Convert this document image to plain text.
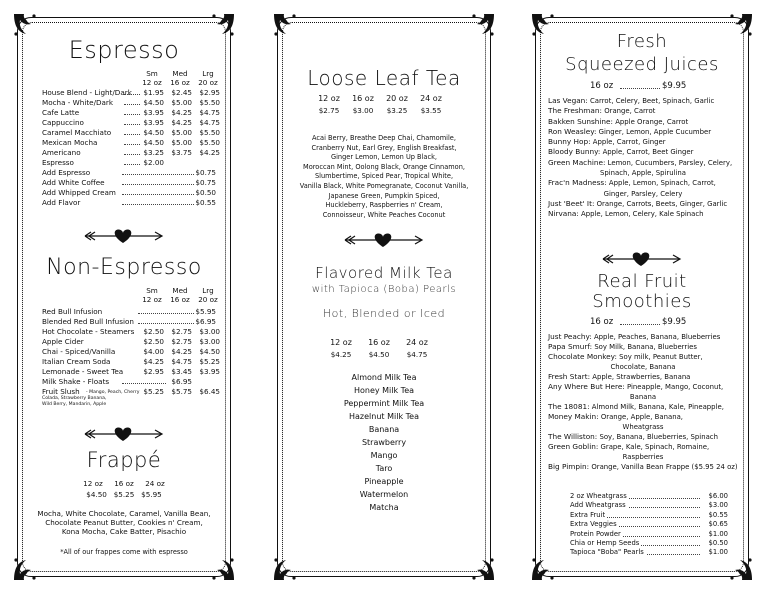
Espresso
Sm	Med	Lrg
12 oz	16 oz	20 oz
Non-Espresso
Sm	Med	Lrg
12 oz	16 oz	20 oz
- Mango, Peach, Cherry
Colada, Strawberry Banana,
Wild Berry, Mandarin, Apple
Frappé
12 oz 16 oz 24 oz
$4.50 $5.25 $5.95
Mocha, White Chocolate, Caramel, Vanilla Bean,
Chocolate Peanut Butter, Cookies n' Cream,
Kona Mocha, Cake Batter, Pisachio
*All of our frappes come with espresso
House Blend - Light/Dark	$1.95	$2.45	$2.95
Mocha - White/Dark	$4.50	$5.00	$5.50
Cafe Latte	$3.95	$4.25	$4.75
Cappuccino	$3.95	$4.25	$4.75
Caramel Macchiato	$4.50	$5.00	$5.50
Mexican Mocha	$4.50	$5.00	$5.50
Americano	$3.25	$3.75	$4.25
Espresso	$2.00
Add Espresso	$0.75
Add White Coffee	$0.75
Add Whipped Cream	$0.50
Add Flavor	$0.55
Red Bull Infusion	$5.95
Blended Red Bull Infusion	$6.95
Hot Chocolate - Steamers	$2.50	$2.75	$3.00
Apple Cider	$2.50	$2.75	$3.00
Chai - Spiced/Vanilla	$4.00	$4.25	$4.50
Italian Cream Soda	$4.25	$4.75	$5.25
Lemonade - Sweet Tea	$2.95	$3.45	$3.95
Milk Shake - Floats	$6.95
Fruit Slush	$5.25	$5.75	$6.45
Loose Leaf Tea
12 oz	16 oz	20 oz	24 oz
$2.75	$3.00	$3.25	$3.55
Acai Berry, Breathe Deep Chai, Chamomile,
Cranberry Nut, Earl Grey, English Breakfast,
Ginger Lemon, Lemon Up Black,
Moroccan Mint, Oolong Black, Orange Cinnamon,
Slumbertime, Spiced Pear, Tropical White,
Vanilla Black, White Pomegranate, Coconut Vanilla,
Japanese Green, Pumpkin Spiced,
Huckleberry, Raspberries n' Cream,
Connoisseur, White Peaches Coconut
Flavored Milk Tea
with Tapioca (Boba) Pearls
Hot, Blended or Iced
12 oz	16 oz	24 oz
$4.25	$4.50	$4.75
Almond Milk Tea
Honey Milk Tea
Peppermint Milk Tea
Hazelnut Milk Tea
Banana
Strawberry
Mango
Taro
Pineapple
Watermelon
Matcha
Fresh
Squeezed Juices
16 oz	$9.95
Las Vegan: Carrot, Celery, Beet, Spinach, Garlic
The Freshman: Orange, Carrot
Bakken Sunshine: Apple Orange, Carrot
Ron Weasley: Ginger, Lemon, Apple Cucumber
Bunny Hop: Apple, Carrot, Ginger
Bloody Bunny: Apple, Carrot, Beet Ginger
Green Machine: Lemon, Cucumbers, Parsley, Celery,
Spinach, Apple, Spirulina
Frac'n Madness: Apple, Lemon, Spinach, Carrot,
Ginger, Parsley, Celery
Just 'Beet' It: Orange, Carrots, Beets, Ginger, Garlic
Nirvana: Apple, Lemon, Celery, Kale Spinach
Real Fruit
Smoothies
16 oz	$9.95
Just Peachy: Apple, Peaches, Banana, Blueberries
Papa Smurf: Soy Milk, Banana, Blueberries
Chocolate Monkey: Soy milk, Peanut Butter,
Chocolate, Banana
Fresh Start: Apple, Strawberries, Banana
Any Where But Here: Pineapple, Mango, Coconut,
Banana
The 18081: Almond Milk, Banana, Kale, Pineapple,
Money Makin: Orange, Apple, Banana,
Wheatgrass
The Williston: Soy, Banana, Blueberries, Spinach
Green Goblin: Grape, Kale, Spinach, Romaine,
Raspberries
Big Pimpin: Orange, Vanilla Bean Frappe ($5.95 24 oz)
2 oz Wheatgrass	$6.00
Add Wheatgrass	$3.00
Extra Fruit	$0.55
Extra Veggies	$0.65
Protein Powder	$1.00
Chia or Hemp Seeds	$0.50
Tapioca "Boba" Pearls	$1.00
